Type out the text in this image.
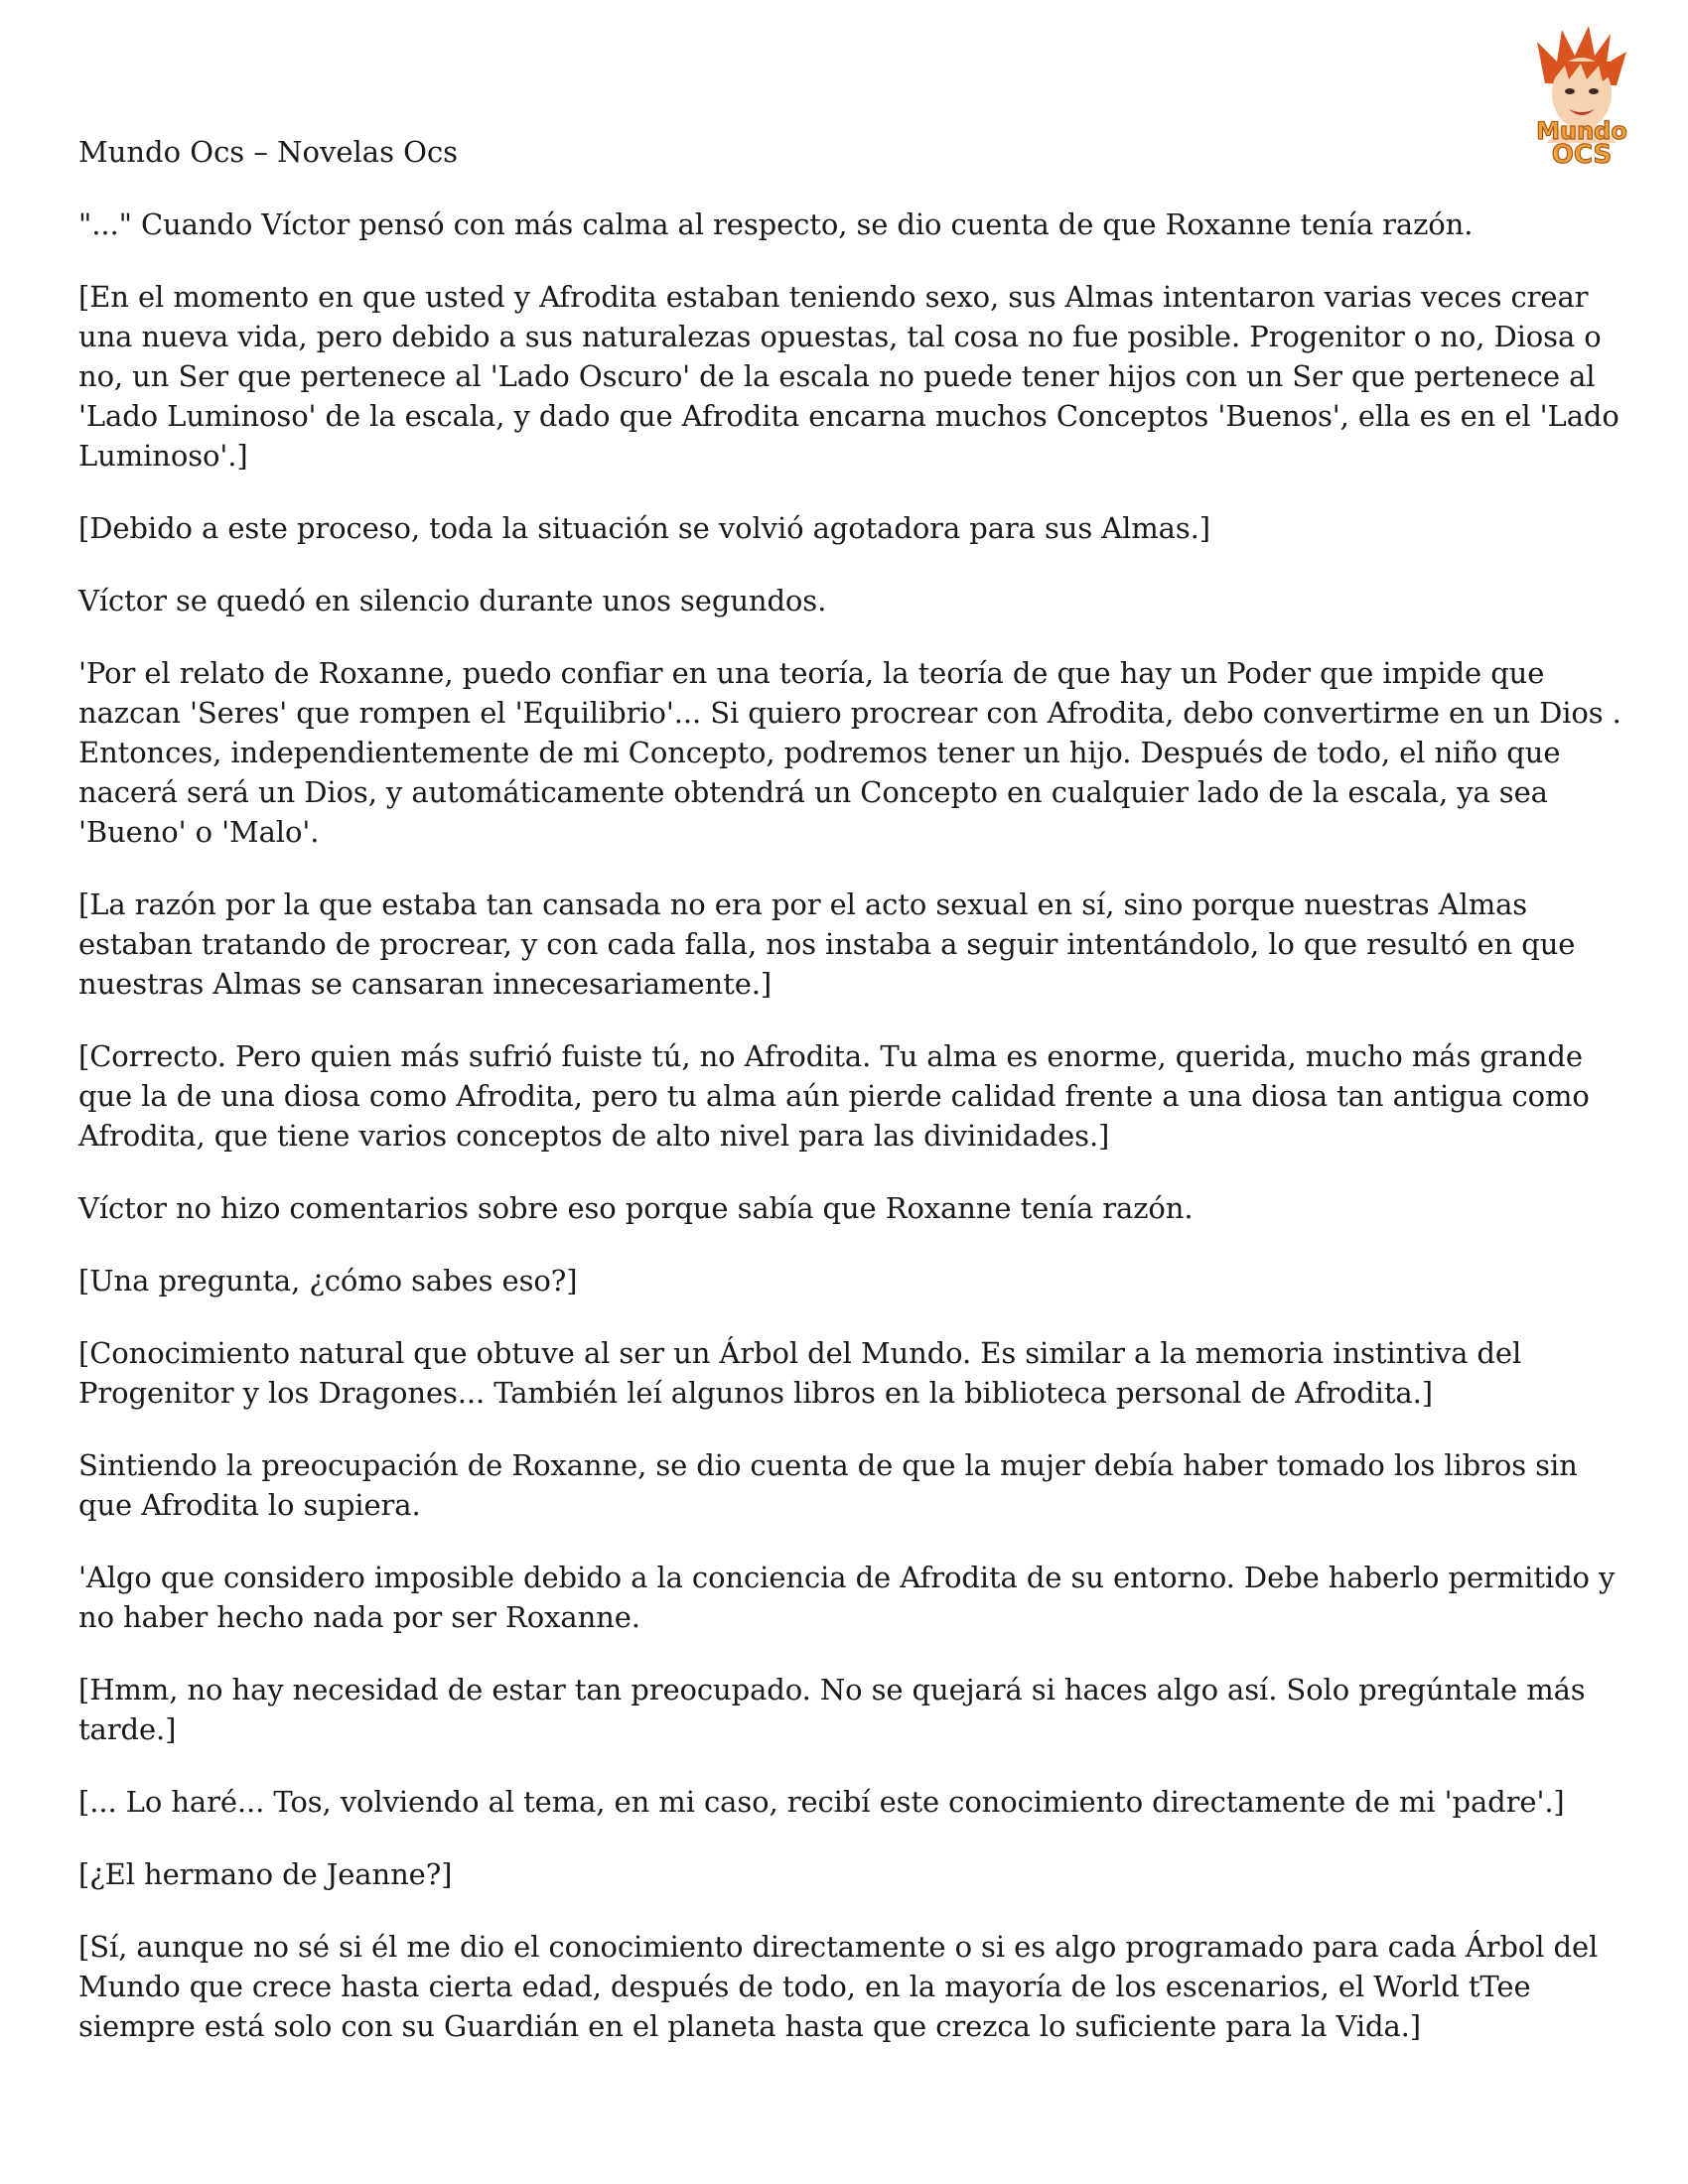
Mundo Ocs – Novelas Ocs
Mundo
OCS

"..." Cuando Víctor pensó con más calma al respecto, se dio cuenta de que Roxanne tenía razón.

[En el momento en que usted y Afrodita estaban teniendo sexo, sus Almas intentaron varias veces crear una nueva vida, pero debido a sus naturalezas opuestas, tal cosa no fue posible. Progenitor o no, Diosa o no, un Ser que pertenece al 'Lado Oscuro' de la escala no puede tener hijos con un Ser que pertenece al 'Lado Luminoso' de la escala, y dado que Afrodita encarna muchos Conceptos 'Buenos', ella es en el 'Lado Luminoso'.]

[Debido a este proceso, toda la situación se volvió agotadora para sus Almas.]

Víctor se quedó en silencio durante unos segundos.

'Por el relato de Roxanne, puedo confiar en una teoría, la teoría de que hay un Poder que impide que nazcan 'Seres' que rompen el 'Equilibrio'... Si quiero procrear con Afrodita, debo convertirme en un Dios . Entonces, independientemente de mi Concepto, podremos tener un hijo. Después de todo, el niño que nacerá será un Dios, y automáticamente obtendrá un Concepto en cualquier lado de la escala, ya sea 'Bueno' o 'Malo'.

[La razón por la que estaba tan cansada no era por el acto sexual en sí, sino porque nuestras Almas estaban tratando de procrear, y con cada falla, nos instaba a seguir intentándolo, lo que resultó en que nuestras Almas se cansaran innecesariamente.]

[Correcto. Pero quien más sufrió fuiste tú, no Afrodita. Tu alma es enorme, querida, mucho más grande que la de una diosa como Afrodita, pero tu alma aún pierde calidad frente a una diosa tan antigua como Afrodita, que tiene varios conceptos de alto nivel para las divinidades.]

Víctor no hizo comentarios sobre eso porque sabía que Roxanne tenía razón.

[Una pregunta, ¿cómo sabes eso?]

[Conocimiento natural que obtuve al ser un Árbol del Mundo. Es similar a la memoria instintiva del Progenitor y los Dragones... También leí algunos libros en la biblioteca personal de Afrodita.]

Sintiendo la preocupación de Roxanne, se dio cuenta de que la mujer debía haber tomado los libros sin que Afrodita lo supiera.

'Algo que considero imposible debido a la conciencia de Afrodita de su entorno. Debe haberlo permitido y no haber hecho nada por ser Roxanne.

[Hmm, no hay necesidad de estar tan preocupado. No se quejará si haces algo así. Solo pregúntale más tarde.]

[... Lo haré... Tos, volviendo al tema, en mi caso, recibí este conocimiento directamente de mi 'padre'.]

[¿El hermano de Jeanne?]

[Sí, aunque no sé si él me dio el conocimiento directamente o si es algo programado para cada Árbol del Mundo que crece hasta cierta edad, después de todo, en la mayoría de los escenarios, el World tTee siempre está solo con su Guardián en el planeta hasta que crezca lo suficiente para la Vida.]
